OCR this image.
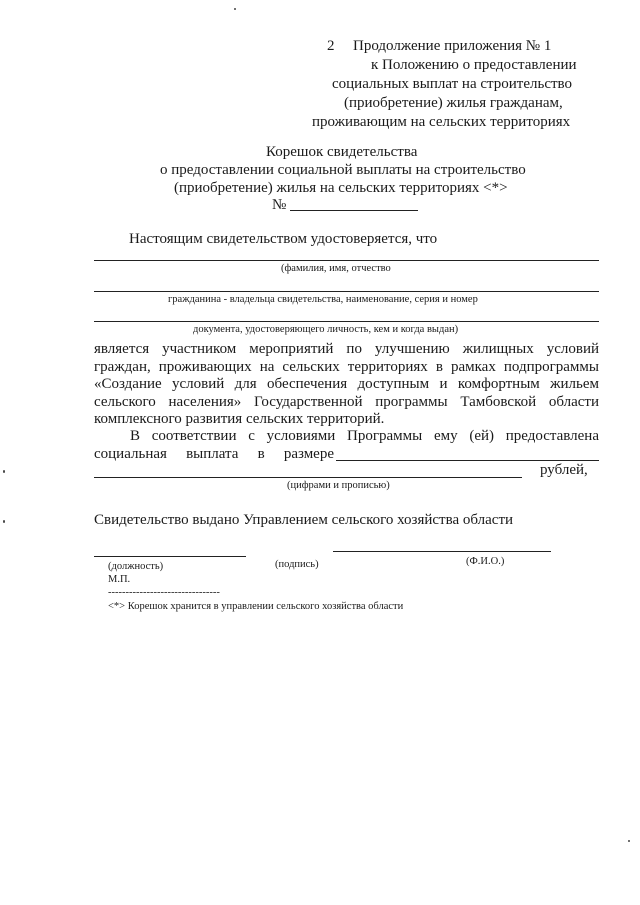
2 Продолжение приложения № 1
к Положению о предоставлении
социальных выплат на строительство
(приобретение) жилья гражданам,
проживающим на сельских территориях
Корешок свидетельства
о предоставлении социальной выплаты на строительство
(приобретение) жилья на сельских территориях <*>
№
Настоящим свидетельством удостоверяется, что
(фамилия, имя, отчество
гражданина - владельца свидетельства, наименование, серия и номер
документа, удостоверяющего личность, кем и когда выдан)
является участником мероприятий по улучшению жилищных условий
граждан, проживающих на сельских территориях в рамках подпрограммы
«Создание условий для обеспечения доступным и комфортным жильем
сельского населения» Государственной программы Тамбовской области
комплексного развития сельских территорий.
В соответствии с условиями Программы ему (ей) предоставлена
социальная выплата в размере
рублей,
(цифрами и прописью)
Свидетельство выдано Управлением сельского хозяйства области
(должность)	(подпись)	(Ф.И.О.)
М.П.
--------------------------------
<*> Корешок хранится в управлении сельского хозяйства области
